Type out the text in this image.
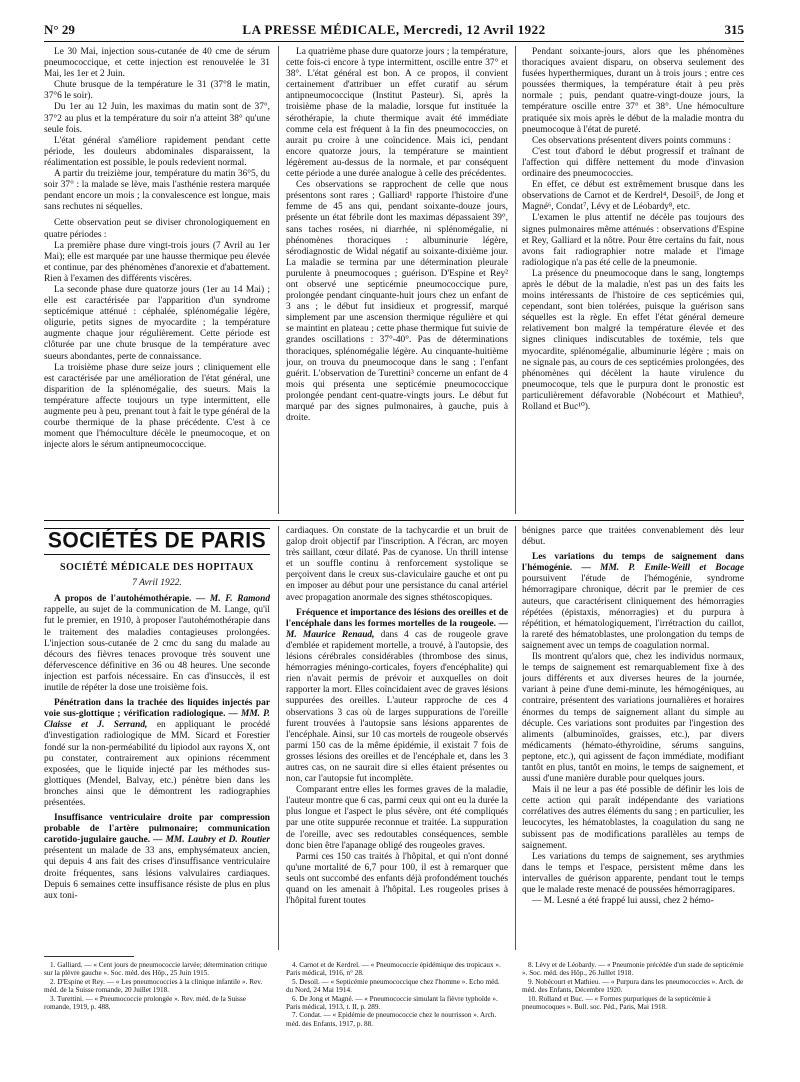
N° 29	LA PRESSE MÉDICALE, Mercredi, 12 Avril 1922	315

Le 30 Mai, injection sous-cutanée de 40 cme de sérum pneumococcique, et cette injection est renouvelée le 31 Mai, les 1er et 2 Juin.

Chute brusque de la température le 31 (37°8 le matin, 37°6 le soir).

Du 1er au 12 Juin, les maximas du matin sont de 37°, 37°2 au plus et la température du soir n'a atteint 38° qu'une seule fois.

L'état général s'améliore rapidement pendant cette période, les douleurs abdominales disparaissent, la réalimentation est possible, le pouls redevient normal.

A partir du treizième jour, température du matin 36°5, du soir 37° : la malade se lève, mais l'asthénie restera marquée pendant encore un mois ; la convalescence est longue, mais sans rechutes ni séquelles.

Cette observation peut se diviser chronologiquement en quatre périodes :

La première phase dure vingt-trois jours (7 Avril au 1er Mai); elle est marquée par une hausse thermique peu élevée et continue, par des phénomènes d'anorexie et d'abattement. Rien à l'examen des différents viscères.

La seconde phase dure quatorze jours (1er au 14 Mai) ; elle est caractérisée par l'apparition d'un syndrome septicémique atténué : céphalée, splénomégalie légère, oligurie, petits signes de myocardite ; la température augmente chaque jour régulièrement. Cette période est clôturée par une chute brusque de la température avec sueurs abondantes, perte de connaissance.

La troisième phase dure seize jours ; cliniquement elle est caractérisée par une amélioration de l'état général, une disparition de la splénomégalie, des sueurs. Mais la température affecte toujours un type intermittent, elle augmente peu à peu, prenant tout à fait le type général de la courbe thermique de la phase précédente. C'est à ce moment que l'hémoculture décèle le pneumocoque, et on injecte alors le sérum antipneumococcique.

La quatrième phase dure quatorze jours ; la température, cette fois-ci encore à type intermittent, oscille entre 37° et 38°. L'état général est bon. A ce propos, il convient certainement d'attribuer un effet curatif au sérum antipneumococcique (Institut Pasteur). Si, après la troisième phase de la maladie, lorsque fut instituée la sérothérapie, la chute thermique avait été immédiate comme cela est fréquent à la fin des pneumococcies, on aurait pu croire à une coïncidence. Mais ici, pendant encore quatorze jours, la température se maintient légèrement au-dessus de la normale, et par conséquent cette période a une durée analogue à celle des précédentes.

Ces observations se rapprochent de celle que nous présentons sont rares ; Galliard¹ rapporte l'histoire d'une femme de 45 ans qui, pendant soixante-douze jours, présente un état fébrile dont les maximas dépassaient 39°, sans taches rosées, ni diarrhée, ni splénomégalie, ni phénomènes thoraciques : albuminurie légère, sérodiagnostic de Widal négatif au soixante-dixième jour. La maladie se termina par une détermination pleurale purulente à pneumocoques ; guérison. D'Espine et Rey² ont observé une septicémie pneumococcique pure, prolongée pendant cinquante-huit jours chez un enfant de 3 ans ; le début fut insidieux et progressif, marqué simplement par une ascension thermique régulière et qui se maintint en plateau ; cette phase thermique fut suivie de grandes oscillations : 37°-40°. Pas de déterminations thoraciques, splénomégalie légère. Au cinquante-huitième jour, on trouva du pneumocoque dans le sang ; l'enfant guérit. L'observation de Turettini³ concerne un enfant de 4 mois qui présenta une septicémie pneumococcique prolongée pendant cent-quatre-vingts jours. Le début fut marqué par des signes pulmonaires, à gauche, puis à droite.

Pendant soixante-jours, alors que les phénomènes thoraciques avaient disparu, on observa seulement des fusées hyperthermiques, durant un à trois jours ; entre ces poussées thermiques, la température était à peu près normale ; puis, pendant quatre-vingt-douze jours, la température oscille entre 37° et 38°. Une hémoculture pratiquée six mois après le début de la maladie montra du pneumocoque à l'état de pureté.

Ces observations présentent divers points communs :

C'est tout d'abord le début progressif et traînant de l'affection qui diffère nettement du mode d'invasion ordinaire des pneumococcies.

En effet, ce début est extrêmement brusque dans les observations de Carnot et de Kerdrel⁴, Desoil⁵, de Jong et Magné⁶, Condat⁷, Lévy et de Léobardy⁸, etc.

L'examen le plus attentif ne décèle pas toujours des signes pulmonaires même atténués : observations d'Espine et Rey, Galliard et la nôtre. Pour être certains du fait, nous avons fait radiographier notre malade et l'image radiologique n'a pas été celle de la pneumonie.

La présence du pneumocoque dans le sang, longtemps après le début de la maladie, n'est pas un des faits les moins intéressants de l'histoire de ces septicémies qui, cependant, sont bien tolérées, puisque la guérison sans séquelles est la règle. En effet l'état général demeure relativement bon malgré la température élevée et des signes cliniques indiscutables de toxémie, tels que myocardite, splénomégalie, albuminurie légère ; mais on ne signale pas, au cours de ces septicémies prolongées, des phénomènes qui décèlent la haute virulence du pneumocoque, tels que le purpura dont le pronostic est particulièrement défavorable (Nobécourt et Mathieu⁹, Rolland et Buc¹⁰).

SOCIÉTÉS DE PARIS
SOCIÉTÉ MÉDICALE DES HOPITAUX
7 Avril 1922.

A propos de l'autohémothérapie. — M. F. Ramond rappelle, au sujet de la communication de M. Lange, qu'il fut le premier, en 1910, à proposer l'autohémothérapie dans le traitement des maladies contagieuses prolongées. L'injection sous-cutanée de 2 cmc du sang du malade au décours des fièvres tenaces provoque très souvent une défervescence définitive en 36 ou 48 heures. Une seconde injection est parfois nécessaire. En cas d'insuccès, il est inutile de répéter la dose une troisième fois.

Pénétration dans la trachée des liquides injectés par voie sus-glottique ; vérification radiologique. — MM. P. Claisse et J. Serrand, en appliquant le procédé d'investigation radiologique de MM. Sicard et Forestier fondé sur la non-perméabilité du lipiodol aux rayons X, ont pu constater, contrairement aux opinions récemment exposées, que le liquide injecté par les méthodes sus-glottiques (Mendel, Balvay, etc.) pénètre bien dans les bronches ainsi que le démontrent les radiographies présentées.

Insuffisance ventriculaire droite par compression probable de l'artère pulmonaire; communication carotido-jugulaire gauche. — MM. Laubry et D. Routier présentent un malade de 33 ans, emphysémateux ancien, qui depuis 4 ans fait des crises d'insuffisance ventriculaire droite fréquentes, sans lésions valvulaires cardiaques. Depuis 6 semaines cette insuffisance résiste de plus en plus aux toni-

cardiaques. On constate de la tachycardie et un bruit de galop droit objectif par l'inscription. A l'écran, arc moyen très saillant, cœur dilaté. Pas de cyanose. Un thrill intense et un souffle continu à renforcement systolique se perçoivent dans le creux sus-claviculaire gauche et ont pu en imposer au début pour une persistance du canal artériel avec propagation anormale des signes sthétoscopiques.

Fréquence et importance des lésions des oreilles et de l'encéphale dans les formes mortelles de la rougeole. — M. Maurice Renaud, dans 4 cas de rougeole grave d'emblée et rapidement mortelle, a trouvé, à l'autopsie, des lésions cérébrales considérables (thrombose des sinus, hémorragies méningo-corticales, foyers d'encéphalite) qui rien n'avait permis de prévoir et auxquelles on doit rapporter la mort. Elles coïncidaient avec de graves lésions suppurées des oreilles. L'auteur rapproche de ces 4 observations 3 cas où de larges suppurations de l'oreille furent trouvées à l'autopsie sans lésions apparentes de l'encéphale. Ainsi, sur 10 cas mortels de rougeole observés parmi 150 cas de la même épidémie, il existait 7 fois de grosses lésions des oreilles et de l'encéphale et, dans les 3 autres cas, on ne saurait dire si elles étaient présentes ou non, car l'autopsie fut incomplète.

Comparant entre elles les formes graves de la maladie, l'auteur montre que 6 cas, parmi ceux qui ont eu la durée la plus longue et l'aspect le plus sévère, ont été compliqués par une otite suppurée reconnue et traitée. La suppuration de l'oreille, avec ses redoutables conséquences, semble donc bien être l'apanage obligé des rougeoles graves.

Parmi ces 150 cas traités à l'hôpital, et qui n'ont donné qu'une mortalité de 6,7 pour 100, il est à remarquer que seuls ont succombé des enfants déjà profondément touchés quand on les amenait à l'hôpital. Les rougeoles prises à l'hôpital furent toutes

bénignes parce que traitées convenablement dès leur début.

Les variations du temps de saignement dans l'hémogénie. — MM. P. Emile-Weill et Bocage poursuivent l'étude de l'hémogénie, syndrome hémorragipare chronique, décrit par le premier de ces auteurs, que caractérisent cliniquement des hémorragies répétées (épistaxis, ménorragies) et du purpura à répétition, et hématologiquement, l'irrétraction du caillot, la rareté des hématoblastes, une prolongation du temps de saignement avec un temps de coagulation normal.

Ils montrent qu'alors que, chez les individus normaux, le temps de saignement est remarquablement fixe à des jours différents et aux diverses heures de la journée, variant à peine d'une demi-minute, les hémogéniques, au contraire, présentent des variations journalières et horaires énormes du temps de saignement allant du simple au décuple. Ces variations sont produites par l'ingestion des aliments (albuminoïdes, graisses, etc.), par divers médicaments (hémato-éthyroïdine, sérums sanguins, peptone, etc.), qui agissent de façon immédiate, modifiant tantôt en plus, tantôt en moins, le temps de saignement, et aussi d'une manière durable pour quelques jours.

Mais il ne leur a pas été possible de définir les lois de cette action qui paraît indépendante des variations corrélatives des autres éléments du sang ; en particulier, les leucocytes, les hématoblastes, la coagulation du sang ne subissent pas de modifications parallèles au temps de saignement.

Les variations du temps de saignement, ses arythmies dans le temps et l'espace, persistent même dans les intervalles de guérison apparente, pendant tout le temps que le malade reste menacé de poussées hémorragipares.

— M. Lesné a été frappé lui aussi, chez 2 hémo-

1. Galliard. — « Cent jours de pneumococcie larvée; détermination critique sur la plèvre gauche ». Soc. méd. des Hôp., 25 Juin 1915.

2. D'Espine et Rey. — « Les pneumococcies à la clinique infantile ». Rev. méd. de la Suisse romande, 20 Juillet 1918.

3. Turettini. — « Pneumococcie prolongée ». Rev. méd. de la Suisse romande, 1919, p. 488.

4. Carnot et de Kerdrel. — « Pneumococcie épidémique des tropicaux ». Paris médical, 1916, n° 28.

5. Desoil. — « Septicémie pneumococcique chez l'homme ». Echo méd. du Nord, 24 Mai 1914.

6. De Jong et Magné. — « Pneumococcie simulant la fièvre typhoïde ». Paris médical, 1913, t. II, p. 289.

7. Condat. — « Epidémie de pneumococcie chez le nourrisson ». Arch. méd. des Enfants, 1917, p. 88.

8. Lévy et de Léobardy. — « Pneumonie précédée d'un stade de septicémie ». Soc. méd. des Hôp., 26 Juillet 1918.

9. Nobécourt et Mathieu. — « Purpura dans les pneumococcies ». Arch. de méd. des Enfants, Décembre 1920.

10. Rolland et Buc. — « Formes purpuriques de la septicémie à pneumocoques ». Bull. soc. Péd., Paris, Mai 1918.
